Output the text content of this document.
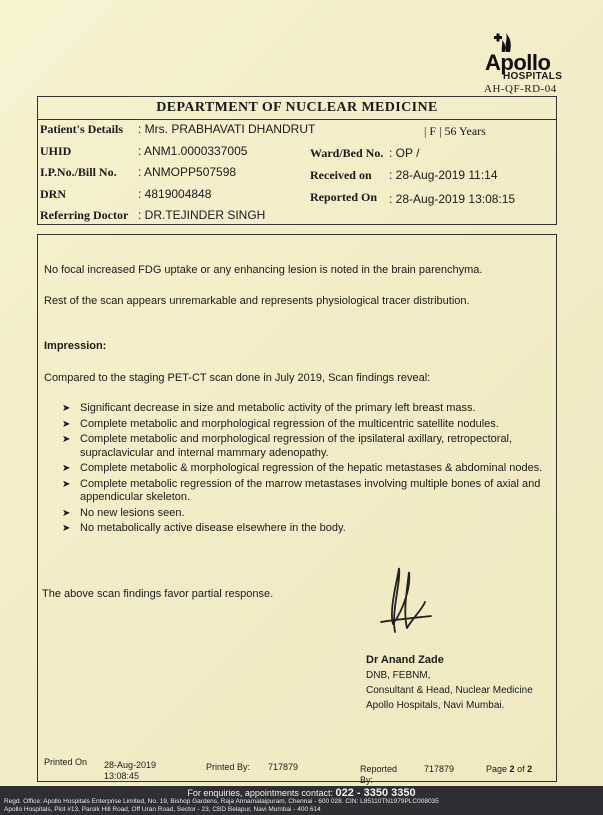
Apollo
HOSPITALS
AH-QF-RD-04
DEPARTMENT OF NUCLEAR MEDICINE
Patient's Details : Mrs. PRABHAVATI DHANDRUT	| F | 56 Years
UHID	: ANM1.0000337005	Ward/Bed No. : OP /
I.P.No./Bill No. : ANMOPP507598	Received on : 28-Aug-2019 11:14
DRN	: 4819004848	Reported On : 28-Aug-2019 13:08:15
Referring Doctor : DR.TEJINDER SINGH
No focal increased FDG uptake or any enhancing lesion is noted in the brain parenchyma.
Rest of the scan appears unremarkable and represents physiological tracer distribution.
Impression:
Compared to the staging PET-CT scan done in July 2019, Scan findings reveal:
➤ Significant decrease in size and metabolic activity of the primary left breast mass.
➤ Complete metabolic and morphological regression of the multicentric satellite nodules.
➤ Complete metabolic and morphological regression of the ipsilateral axillary, retropectoral, supraclavicular and internal mammary adenopathy.
➤ Complete metabolic & morphological regression of the hepatic metastases & abdominal nodes.
➤ Complete metabolic regression of the marrow metastases involving multiple bones of axial and appendicular skeleton.
➤ No new lesions seen.
➤ No metabolically active disease elsewhere in the body.
The above scan findings favor partial response.
Dr Anand Zade
DNB, FEBNM,
Consultant & Head, Nuclear Medicine
Apollo Hospitals, Navi Mumbai.
Printed On 28-Aug-2019
13:08:45
Printed By: 717879	Reported
By:
717879	Page 2 of 2
For enquiries, appointments contact: 022 - 3350 3350
Regd. Office: Apollo Hospitals Enterprise Limited, No. 19, Bishop Gardens, Raja Annamalaipuram, Chennai - 600 028. CIN: L85110TN1979PLC008035
Apollo Hospitals, Plot #13, Parsik Hill Road, Off Uran Road, Sector - 23, CBD Belapur, Navi Mumbai - 400 614
